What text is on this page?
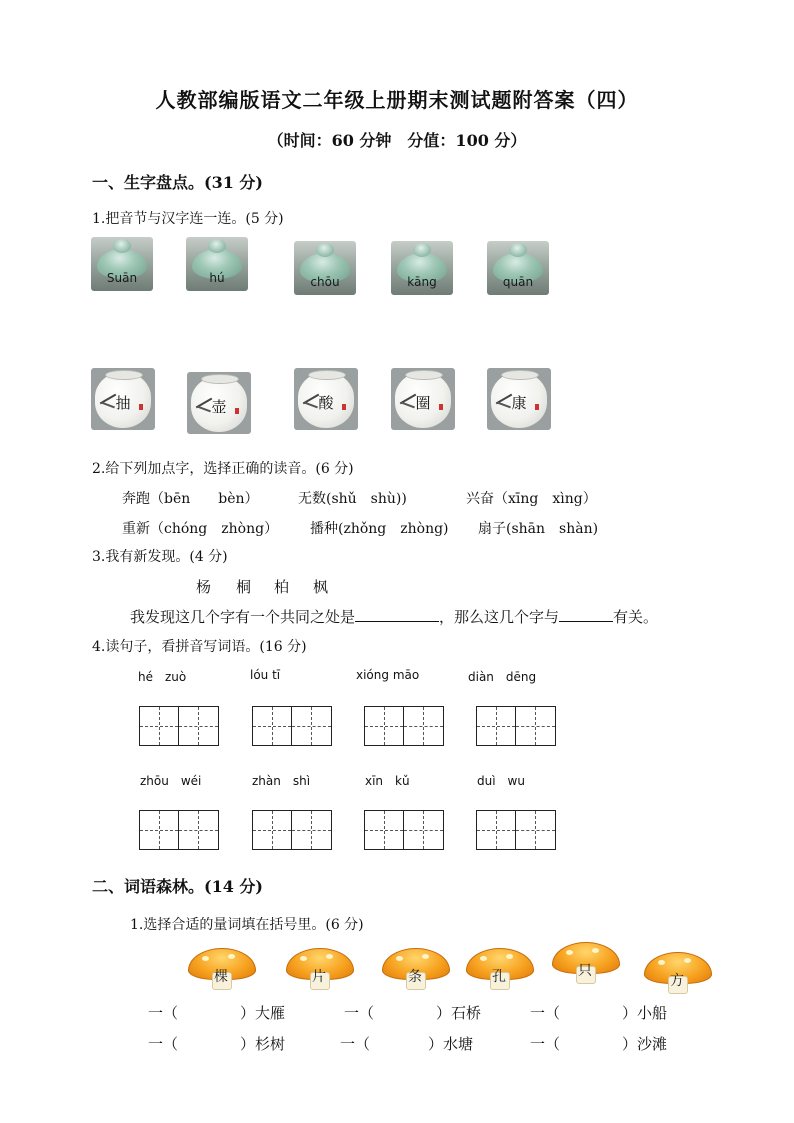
人教部编版语文二年级上册期末测试题附答案（四）
（时间：60 分钟　分值：100 分）
一、生字盘点。(31 分)
1.把音节与汉字连一连。(5 分)
Suān	hú	chōu	kāng	quān
抽	壶	酸	圈	康
2.给下列加点字，选择正确的读音。(6 分)
奔跑（bēn　　bèn）	无数(shǔ　shù))	兴奋（xīng　xìng）
重新（chóng　zhòng） 播种(zhǒng　zhòng) 扇子(shān　shàn)
3.我有新发现。(4 分)
杨 桐 柏 枫
我发现这几个字有一个共同之处是	，那么这几个字与	有关。
4.读句子，看拼音写词语。(16 分)
hé　zuò	lóu tī	xióng māo	diàn　dēng
zhōu　wéi	zhàn　shì	xīn　kǔ	duì　wu
二、词语森林。(14 分)
1.选择合适的量词填在括号里。(6 分)
棵	片	条	孔	只
方
一（	）大雁	一（	）石桥	一（	）小船
一（	）杉树	一（	）水塘	一（	）沙滩
